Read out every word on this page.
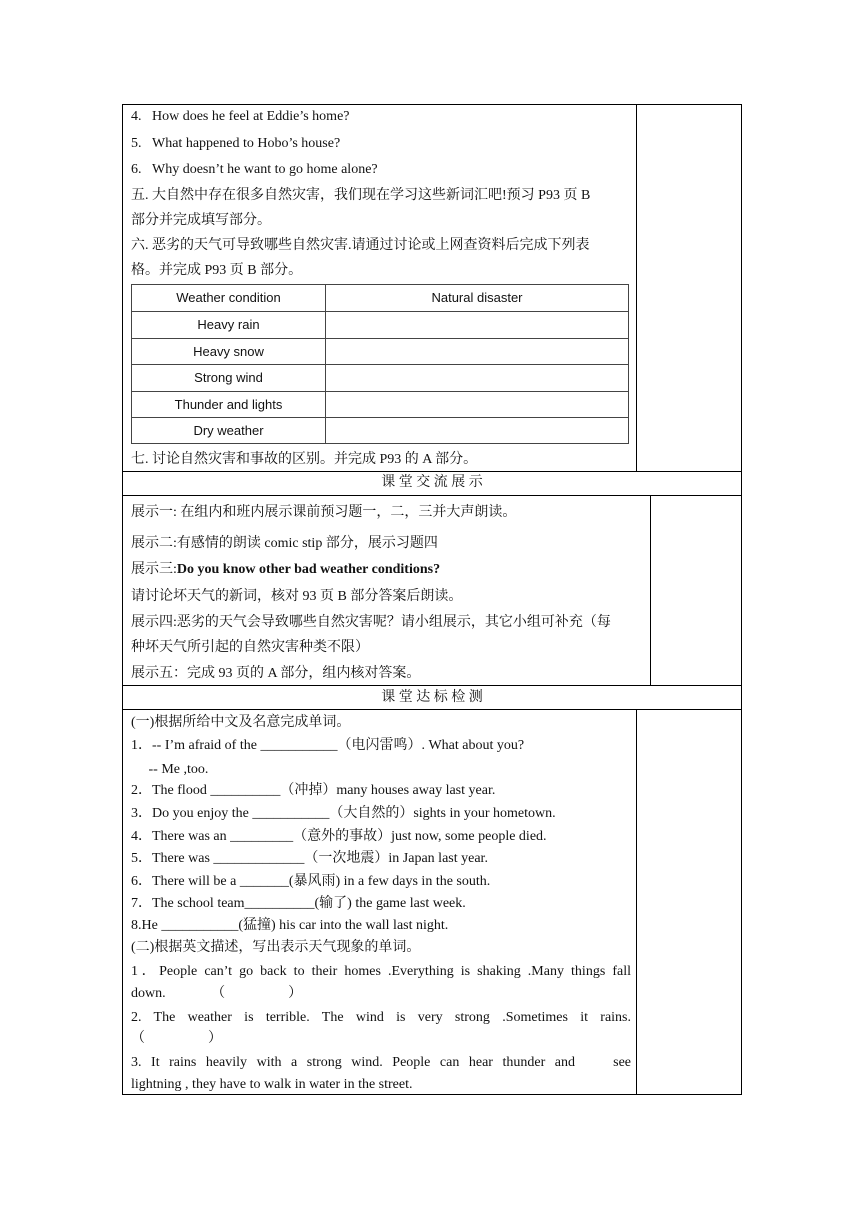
4.   How does he feel at Eddie’s home?
5.   What happened to Hobo’s house?
6.   Why doesn’t he want to go home alone?
五. 大自然中存在很多自然灾害，我们现在学习这些新词汇吧!预习 P93 页 B
部分并完成填写部分。
六. 恶劣的天气可导致哪些自然灾害.请通过讨论或上网查资料后完成下列表
格。并完成 P93 页 B 部分。
Weather condition	Natural disaster
Heavy rain
Heavy snow
Strong wind
Thunder and lights
Dry weather
七. 讨论自然灾害和事故的区别。并完成 P93 的 A 部分。
课 堂 交 流 展 示
展示一: 在组内和班内展示课前预习题一，二，三并大声朗读。
展示二:有感情的朗读 comic stip 部分，展示习题四
展示三:Do you know other bad weather conditions?
请讨论坏天气的新词，核对 93 页 B 部分答案后朗读。
展示四:恶劣的天气会导致哪些自然灾害呢？请小组展示，其它小组可补充（每
种坏天气所引起的自然灾害种类不限）
展示五：完成 93 页的 A 部分，组内核对答案。
课 堂 达 标 检 测
(一)根据所给中文及名意完成单词。
1．-- I’m afraid of the ___________（电闪雷鸣）. What about you?
-- Me ,too.
2．The flood __________（冲掉）many houses away last year.
3．Do you enjoy the ___________（大自然的）sights in your hometown.
4．There was an _________（意外的事故）just now, some people died.
5．There was _____________（一次地震）in Japan last year.
6．There will be a _______(暴风雨) in a few days in the south.
7．The school team__________(输了) the game last week.
8.He ___________(猛撞) his car into the wall last night.
(二)根据英文描述，写出表示天气现象的单词。
1．People can’t go back to their homes .Everything is shaking .Many things fall
down.             （                  ）
2. The weather is terrible. The wind is very strong .Sometimes it rains.
（                  ）
3. It rains heavily with a strong wind. People can hear thunder and    see
lightning , they have to walk in water in the street.
